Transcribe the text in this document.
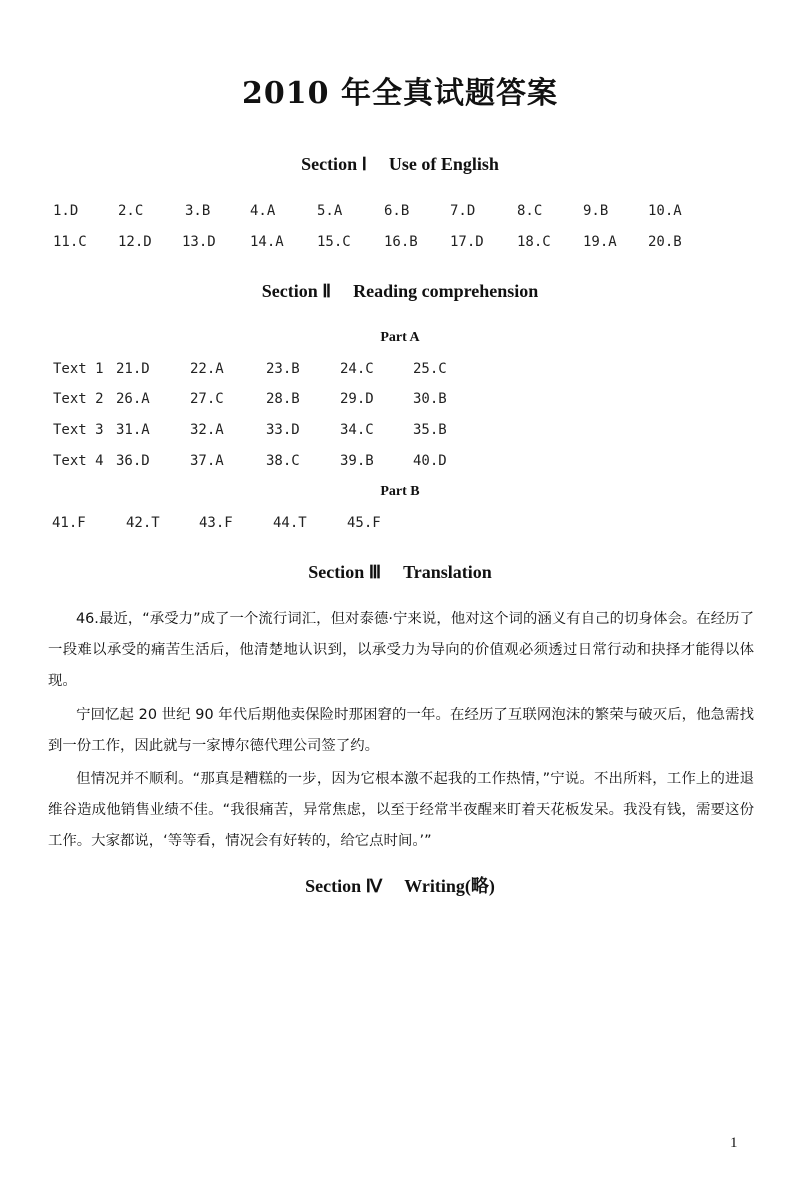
2010 年全真试题答案
Section Ⅰ Use of English
1.D	2.C	3.B	4.A	5.A	6.B	7.D	8.C	9.B	10.A
11.C 12.D 13.D 14.A 15.C 16.B 17.D 18.C 19.A 20.B
Section Ⅱ Reading comprehension
Part A
Text 1 21.D	22.A	23.B	24.C	25.C
Text 2 26.A	27.C	28.B	29.D	30.B
Text 3 31.A	32.A	33.D	34.C	35.B
Text 4 36.D	37.A	38.C	39.B	40.D
Part B
41.F	42.T	43.F	44.T	45.F
Section Ⅲ Translation
46.最近，“承受力”成了一个流行词汇，但对泰德·宁来说，他对这个词的涵义有自己的切身体会。在经历了一段难以承受的痛苦生活后，他清楚地认识到，以承受力为导向的价值观必须透过日常行动和抉择才能得以体现。
宁回忆起 20 世纪 90 年代后期他卖保险时那困窘的一年。在经历了互联网泡沫的繁荣与破灭后，他急需找到一份工作，因此就与一家博尔德代理公司签了约。
但情况并不顺利。“那真是糟糕的一步，因为它根本激不起我的工作热情，”宁说。不出所料，工作上的进退维谷造成他销售业绩不佳。“我很痛苦，异常焦虑，以至于经常半夜醒来盯着天花板发呆。我没有钱，需要这份工作。大家都说，‘等等看，情况会有好转的，给它点时间。’”
Section Ⅳ Writing(略)
1
